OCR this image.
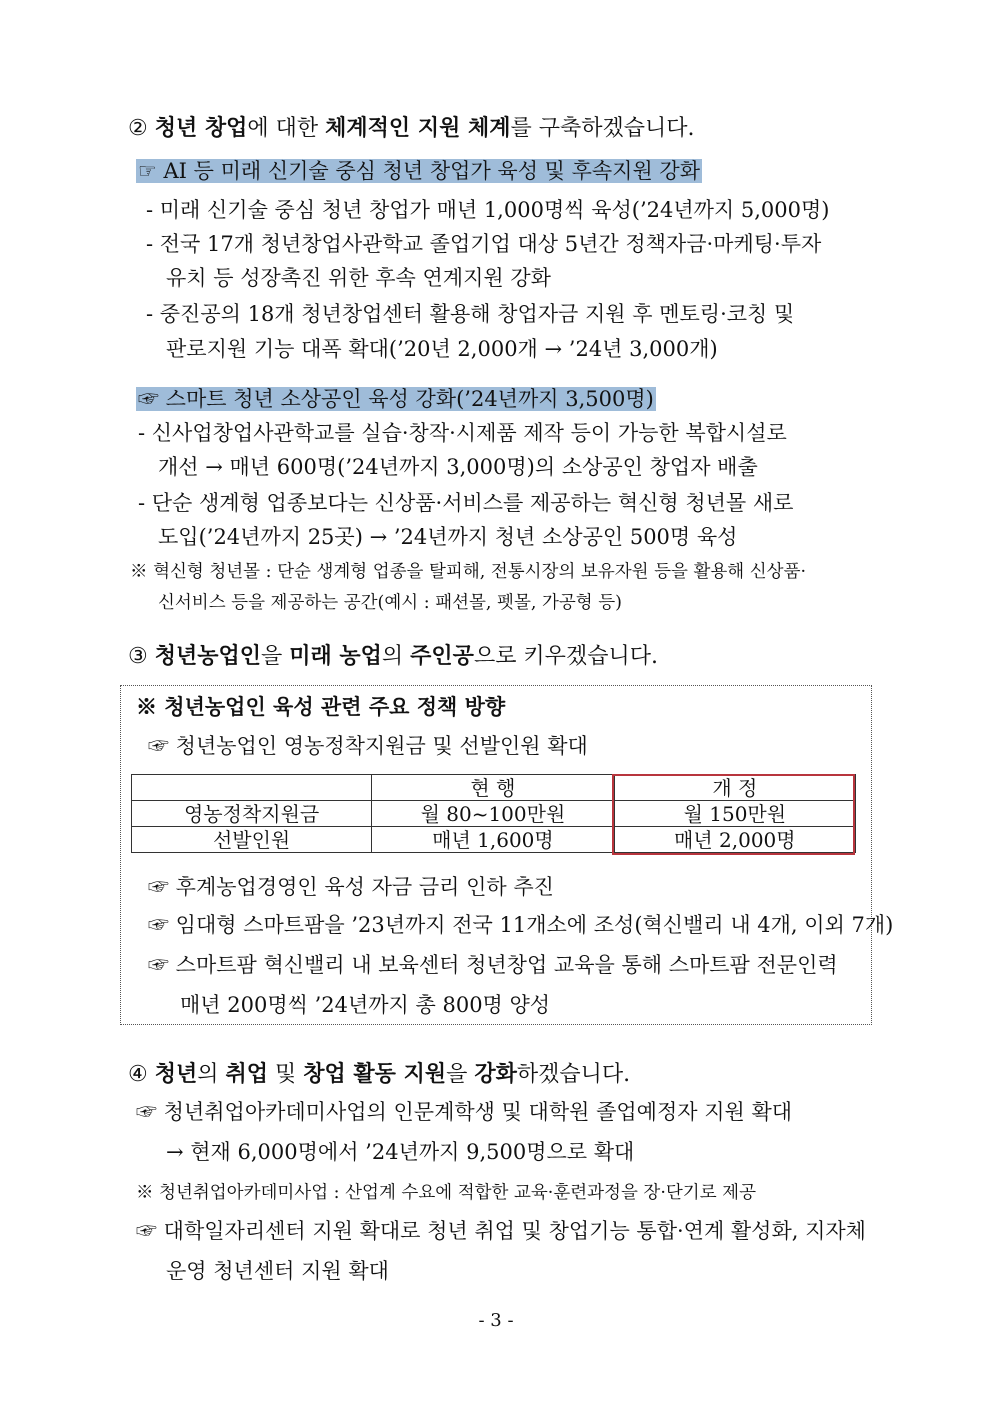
② 청년 창업에 대한 체계적인 지원 체계를 구축하겠습니다.
☞ AI 등 미래 신기술 중심 청년 창업가 육성 및 후속지원 강화
- 미래 신기술 중심 청년 창업가 매년 1,000명씩 육성(’24년까지 5,000명)
- 전국 17개 청년창업사관학교 졸업기업 대상 5년간 정책자금·마케팅·투자
유치 등 성장촉진 위한 후속 연계지원 강화
- 중진공의 18개 청년창업센터 활용해 창업자금 지원 후 멘토링·코칭 및
판로지원 기능 대폭 확대(’20년 2,000개 → ’24년 3,000개)
☞ 스마트 청년 소상공인 육성 강화(’24년까지 3,500명)
- 신사업창업사관학교를 실습·창작·시제품 제작 등이 가능한 복합시설로
개선 → 매년 600명(’24년까지 3,000명)의 소상공인 창업자 배출
- 단순 생계형 업종보다는 신상품·서비스를 제공하는 혁신형 청년몰 새로
도입(’24년까지 25곳) → ’24년까지 청년 소상공인 500명 육성
※ 혁신형 청년몰 : 단순 생계형 업종을 탈피해, 전통시장의 보유자원 등을 활용해 신상품·
신서비스 등을 제공하는 공간(예시 : 패션몰, 펫몰, 가공형 등)
③ 청년농업인을 미래 농업의 주인공으로 키우겠습니다.
※ 청년농업인 육성 관련 주요 정책 방향
☞ 청년농업인 영농정착지원금 및 선발인원 확대
	현 행	개 정
영농정착지원금	월 80~100만원	월 150만원
선발인원	매년 1,600명	매년 2,000명
☞ 후계농업경영인 육성 자금 금리 인하 추진
☞ 임대형 스마트팜을 ’23년까지 전국 11개소에 조성(혁신밸리 내 4개, 이외 7개)
☞ 스마트팜 혁신밸리 내 보육센터 청년창업 교육을 통해 스마트팜 전문인력
매년 200명씩 ’24년까지 총 800명 양성
④ 청년의 취업 및 창업 활동 지원을 강화하겠습니다.
☞ 청년취업아카데미사업의 인문계학생 및 대학원 졸업예정자 지원 확대
→ 현재 6,000명에서 ’24년까지 9,500명으로 확대
※ 청년취업아카데미사업 : 산업계 수요에 적합한 교육·훈련과정을 장·단기로 제공
☞ 대학일자리센터 지원 확대로 청년 취업 및 창업기능 통합·연계 활성화, 지자체
운영 청년센터 지원 확대
- 3 -
